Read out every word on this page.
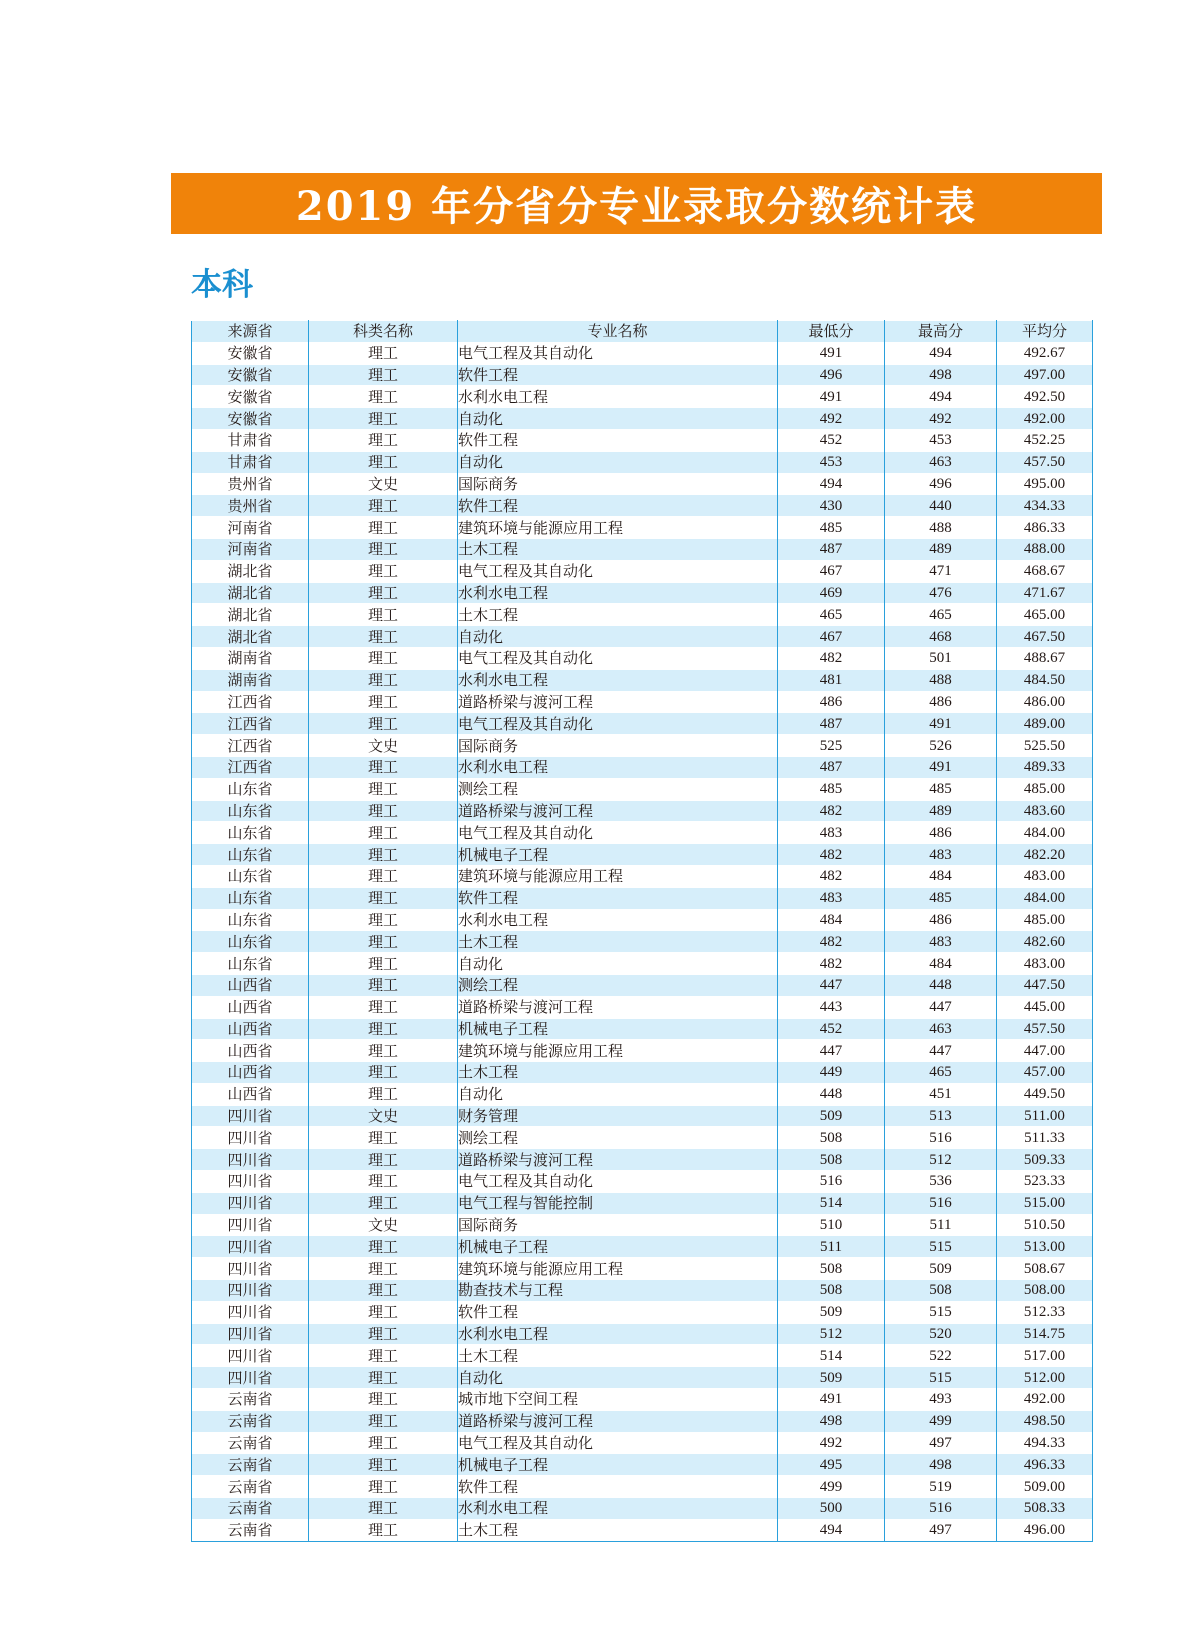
2019 年分省分专业录取分数统计表
本科
来源省	科类名称	专业名称	最低分	最高分	平均分
安徽省	理工	电气工程及其自动化	491	494	492.67
安徽省	理工	软件工程	496	498	497.00
安徽省	理工	水利水电工程	491	494	492.50
安徽省	理工	自动化	492	492	492.00
甘肃省	理工	软件工程	452	453	452.25
甘肃省	理工	自动化	453	463	457.50
贵州省	文史	国际商务	494	496	495.00
贵州省	理工	软件工程	430	440	434.33
河南省	理工	建筑环境与能源应用工程	485	488	486.33
河南省	理工	土木工程	487	489	488.00
湖北省	理工	电气工程及其自动化	467	471	468.67
湖北省	理工	水利水电工程	469	476	471.67
湖北省	理工	土木工程	465	465	465.00
湖北省	理工	自动化	467	468	467.50
湖南省	理工	电气工程及其自动化	482	501	488.67
湖南省	理工	水利水电工程	481	488	484.50
江西省	理工	道路桥梁与渡河工程	486	486	486.00
江西省	理工	电气工程及其自动化	487	491	489.00
江西省	文史	国际商务	525	526	525.50
江西省	理工	水利水电工程	487	491	489.33
山东省	理工	测绘工程	485	485	485.00
山东省	理工	道路桥梁与渡河工程	482	489	483.60
山东省	理工	电气工程及其自动化	483	486	484.00
山东省	理工	机械电子工程	482	483	482.20
山东省	理工	建筑环境与能源应用工程	482	484	483.00
山东省	理工	软件工程	483	485	484.00
山东省	理工	水利水电工程	484	486	485.00
山东省	理工	土木工程	482	483	482.60
山东省	理工	自动化	482	484	483.00
山西省	理工	测绘工程	447	448	447.50
山西省	理工	道路桥梁与渡河工程	443	447	445.00
山西省	理工	机械电子工程	452	463	457.50
山西省	理工	建筑环境与能源应用工程	447	447	447.00
山西省	理工	土木工程	449	465	457.00
山西省	理工	自动化	448	451	449.50
四川省	文史	财务管理	509	513	511.00
四川省	理工	测绘工程	508	516	511.33
四川省	理工	道路桥梁与渡河工程	508	512	509.33
四川省	理工	电气工程及其自动化	516	536	523.33
四川省	理工	电气工程与智能控制	514	516	515.00
四川省	文史	国际商务	510	511	510.50
四川省	理工	机械电子工程	511	515	513.00
四川省	理工	建筑环境与能源应用工程	508	509	508.67
四川省	理工	勘查技术与工程	508	508	508.00
四川省	理工	软件工程	509	515	512.33
四川省	理工	水利水电工程	512	520	514.75
四川省	理工	土木工程	514	522	517.00
四川省	理工	自动化	509	515	512.00
云南省	理工	城市地下空间工程	491	493	492.00
云南省	理工	道路桥梁与渡河工程	498	499	498.50
云南省	理工	电气工程及其自动化	492	497	494.33
云南省	理工	机械电子工程	495	498	496.33
云南省	理工	软件工程	499	519	509.00
云南省	理工	水利水电工程	500	516	508.33
云南省	理工	土木工程	494	497	496.00
